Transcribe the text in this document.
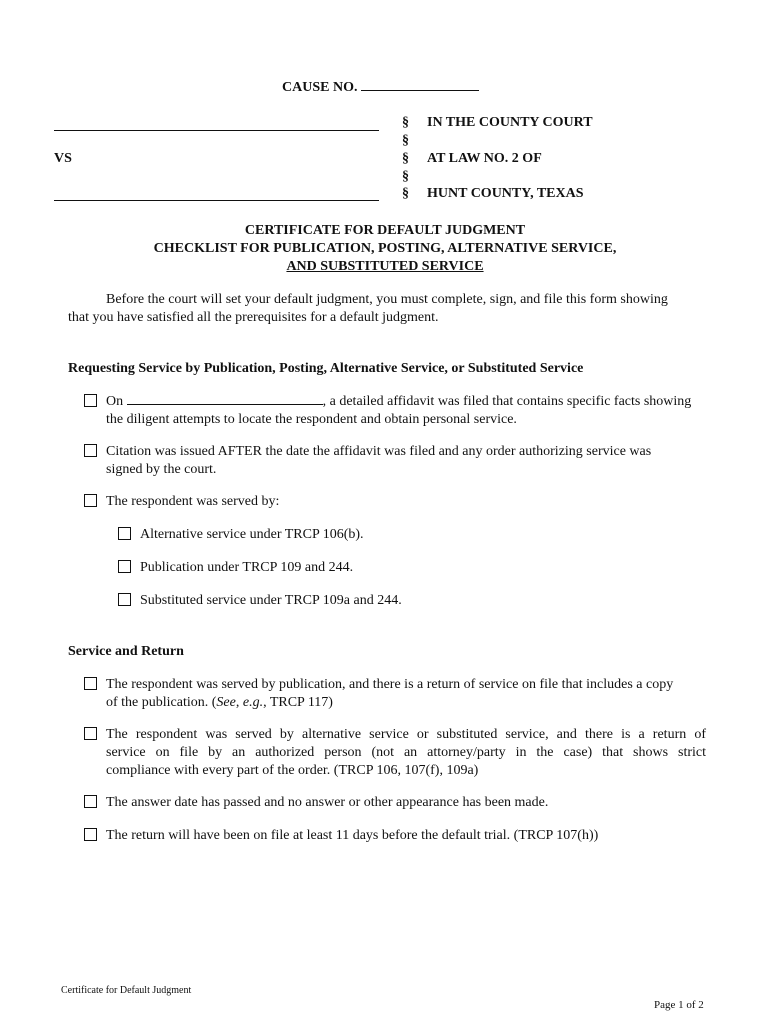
CAUSE NO.
VS
§
§
§
§
§
IN THE COUNTY COURT
AT LAW NO. 2 OF
HUNT COUNTY, TEXAS
CERTIFICATE FOR DEFAULT JUDGMENT
CHECKLIST FOR PUBLICATION, POSTING, ALTERNATIVE SERVICE,
AND SUBSTITUTED SERVICE
Before the court will set your default judgment, you must complete, sign, and file this form showing
that you have satisfied all the prerequisites for a default judgment.
Requesting Service by Publication, Posting, Alternative Service, or Substituted Service
On	, a detailed affidavit was filed that contains specific facts showing
the diligent attempts to locate the respondent and obtain personal service.
Citation was issued AFTER the date the affidavit was filed and any order authorizing service was
signed by the court.
The respondent was served by:
Alternative service under TRCP 106(b).
Publication under TRCP 109 and 244.
Substituted service under TRCP 109a and 244.
Service and Return
The respondent was served by publication, and there is a return of service on file that includes a copy
of the publication. (See, e.g., TRCP 117)
The respondent was served by alternative service or substituted service, and there is a return of
service on file by an authorized person (not an attorney/party in the case) that shows strict
compliance with every part of the order. (TRCP 106, 107(f), 109a)
The answer date has passed and no answer or other appearance has been made.
The return will have been on file at least 11 days before the default trial. (TRCP 107(h))
Certificate for Default Judgment
Page 1 of 2
